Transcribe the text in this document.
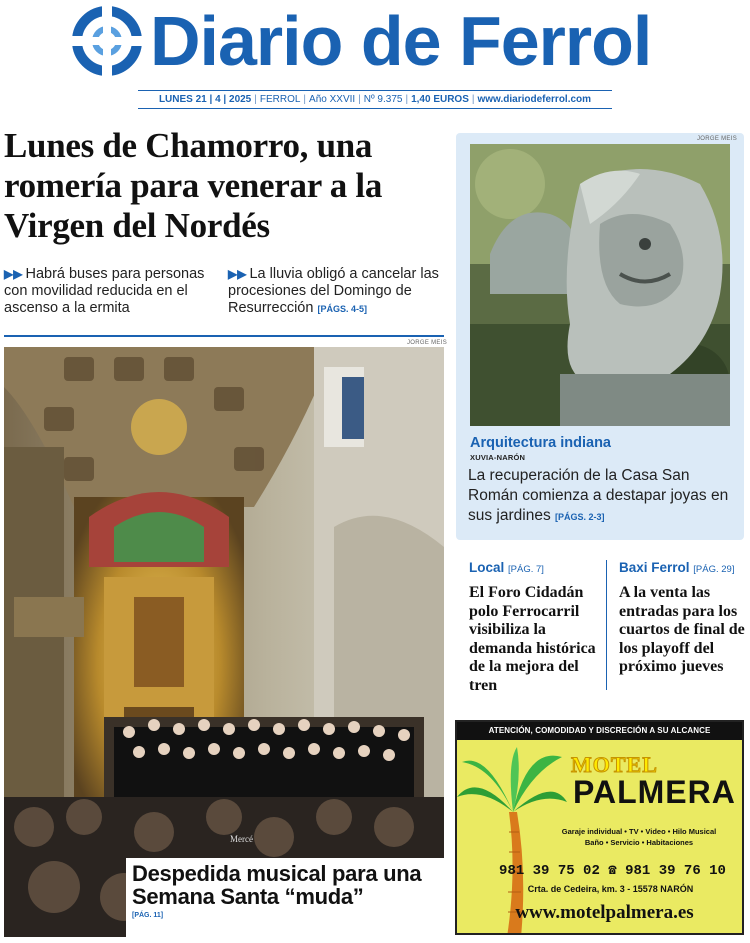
Diario de Ferrol
LUNES 21 | 4 | 2025 | FERROL | Año XXVII | Nº 9.375 | 1,40 EUROS | www.diariodeferrol.com
Lunes de Chamorro, una romería para venerar a la Virgen del Nordés
▶▶ Habrá buses para personas con movilidad reducida en el ascenso a la ermita
▶▶ La lluvia obligó a cancelar las procesiones del Domingo de Resurrección [PÁGS. 4-5]
JORGE MEIS
Mercé
Despedida musical para una Semana Santa “muda”
[PÁG. 11]
JORGE MEIS
Arquitectura indiana
XUVIA-NARÓN
La recuperación de la Casa San Román comienza a destapar joyas en sus jardines [PÁGS. 2-3]
Local [PÁG. 7]
El Foro Cidadán polo Ferrocarril visibiliza la demanda histórica de la mejora del tren
Baxi Ferrol [PÁG. 29]
A la venta las entradas para los cuartos de final de los playoff del próximo jueves
ATENCIÓN, COMODIDAD Y DISCRECIÓN A SU ALCANCE
MOTEL
PALMERA
Garaje individual • TV • Video • Hilo Musical
Baño • Servicio • Habitaciones
981 39 75 02 ☎ 981 39 76 10
Crta. de Cedeira, km. 3 - 15578 NARÓN
www.motelpalmera.es
